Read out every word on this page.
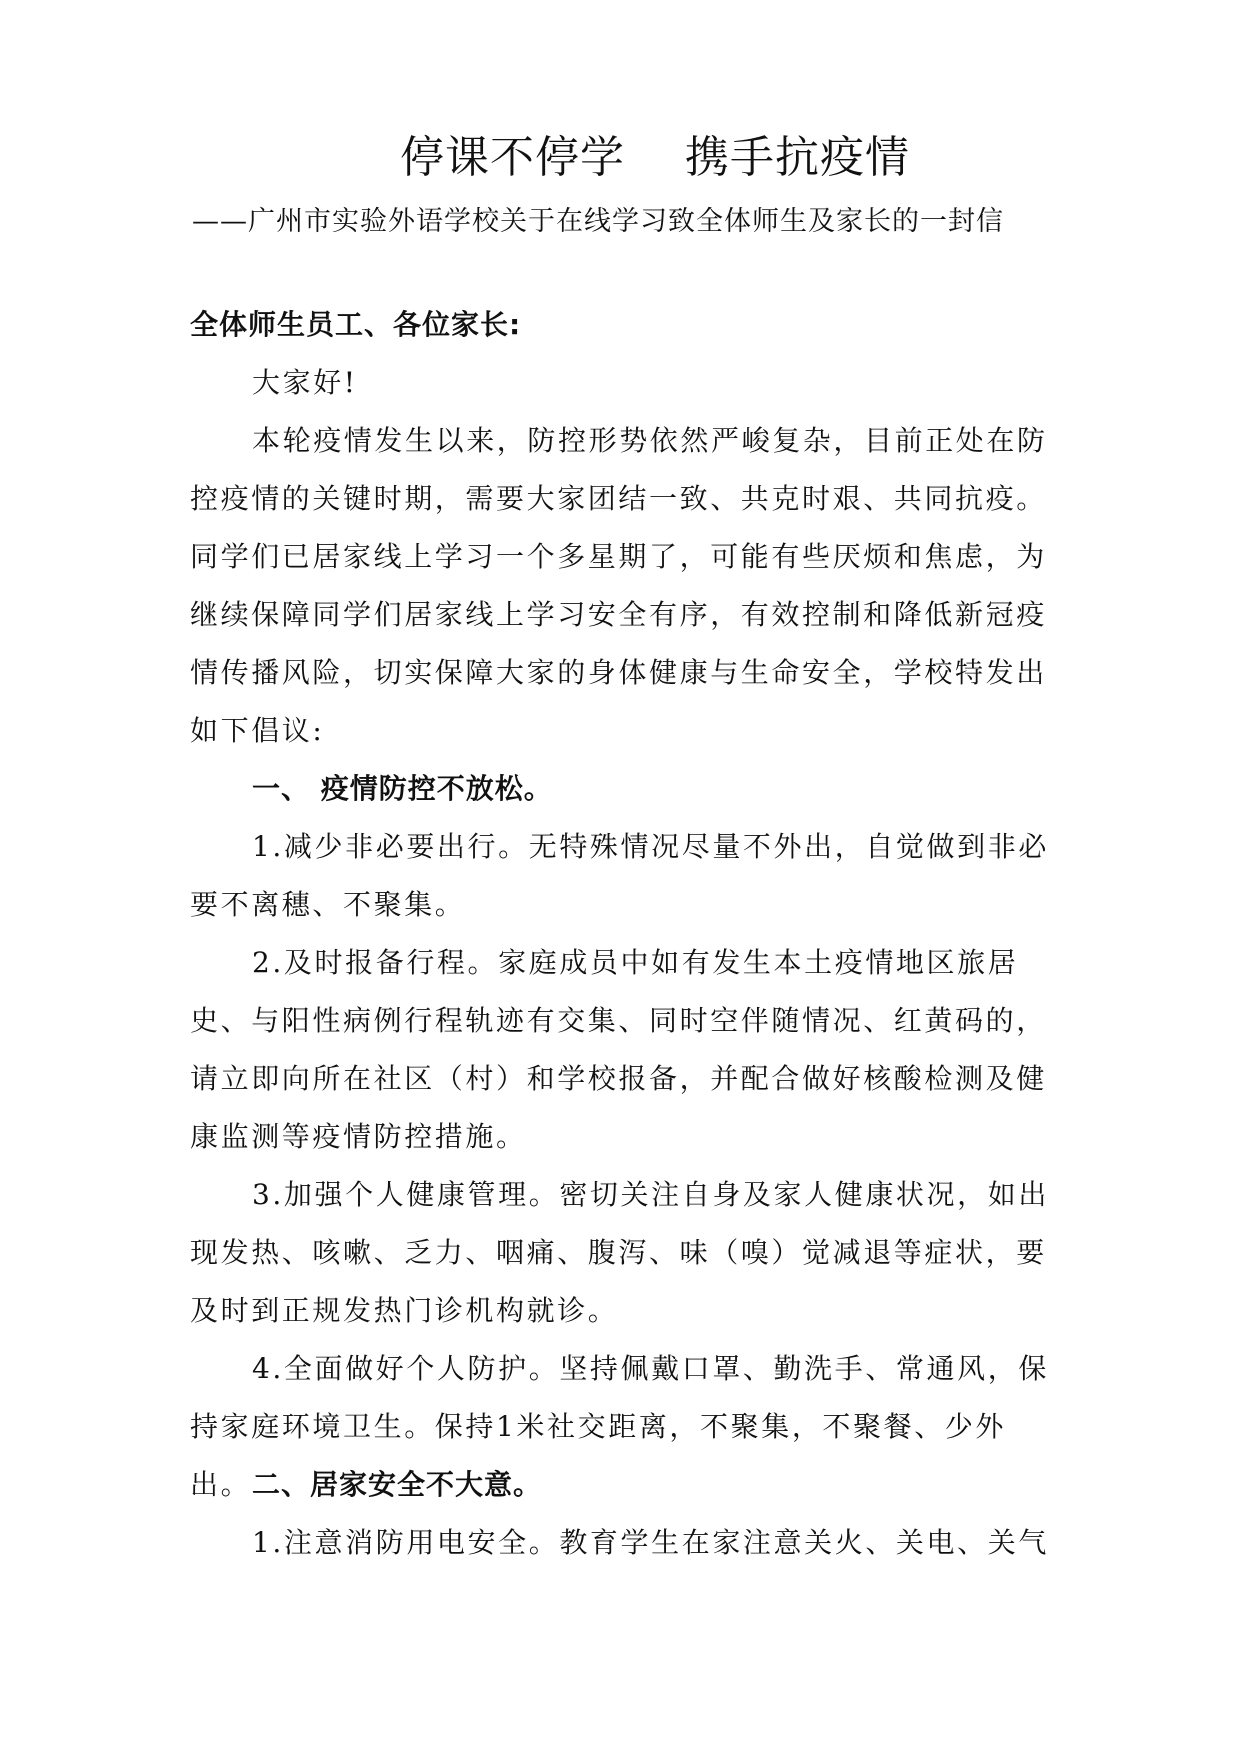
停课不停学    携手抗疫情

——广州市实验外语学校关于在线学习致全体师生及家长的一封信

全体师生员工、各位家长:

大家好!

本轮疫情发生以来，防控形势依然严峻复杂，目前正处在防控疫情的关键时期，需要大家团结一致、共克时艰、共同抗疫。同学们已居家线上学习一个多星期了，可能有些厌烦和焦虑，为继续保障同学们居家线上学习安全有序，有效控制和降低新冠疫情传播风险，切实保障大家的身体健康与生命安全，学校特发出如下倡议:

一、 疫情防控不放松。

1.减少非必要出行。无特殊情况尽量不外出，自觉做到非必要不离穗、不聚集。

2.及时报备行程。家庭成员中如有发生本土疫情地区旅居史、与阳性病例行程轨迹有交集、同时空伴随情况、红黄码的，请立即向所在社区（村）和学校报备，并配合做好核酸检测及健康监测等疫情防控措施。

3.加强个人健康管理。密切关注自身及家人健康状况，如出现发热、咳嗽、乏力、咽痛、腹泻、味（嗅）觉减退等症状，要及时到正规发热门诊机构就诊。

4.全面做好个人防护。坚持佩戴口罩、勤洗手、常通风，保持家庭环境卫生。保持1米社交距离，不聚集，不聚餐、少外出。 二、居家安全不大意。

1.注意消防用电安全。教育学生在家注意关火、关电、关气
